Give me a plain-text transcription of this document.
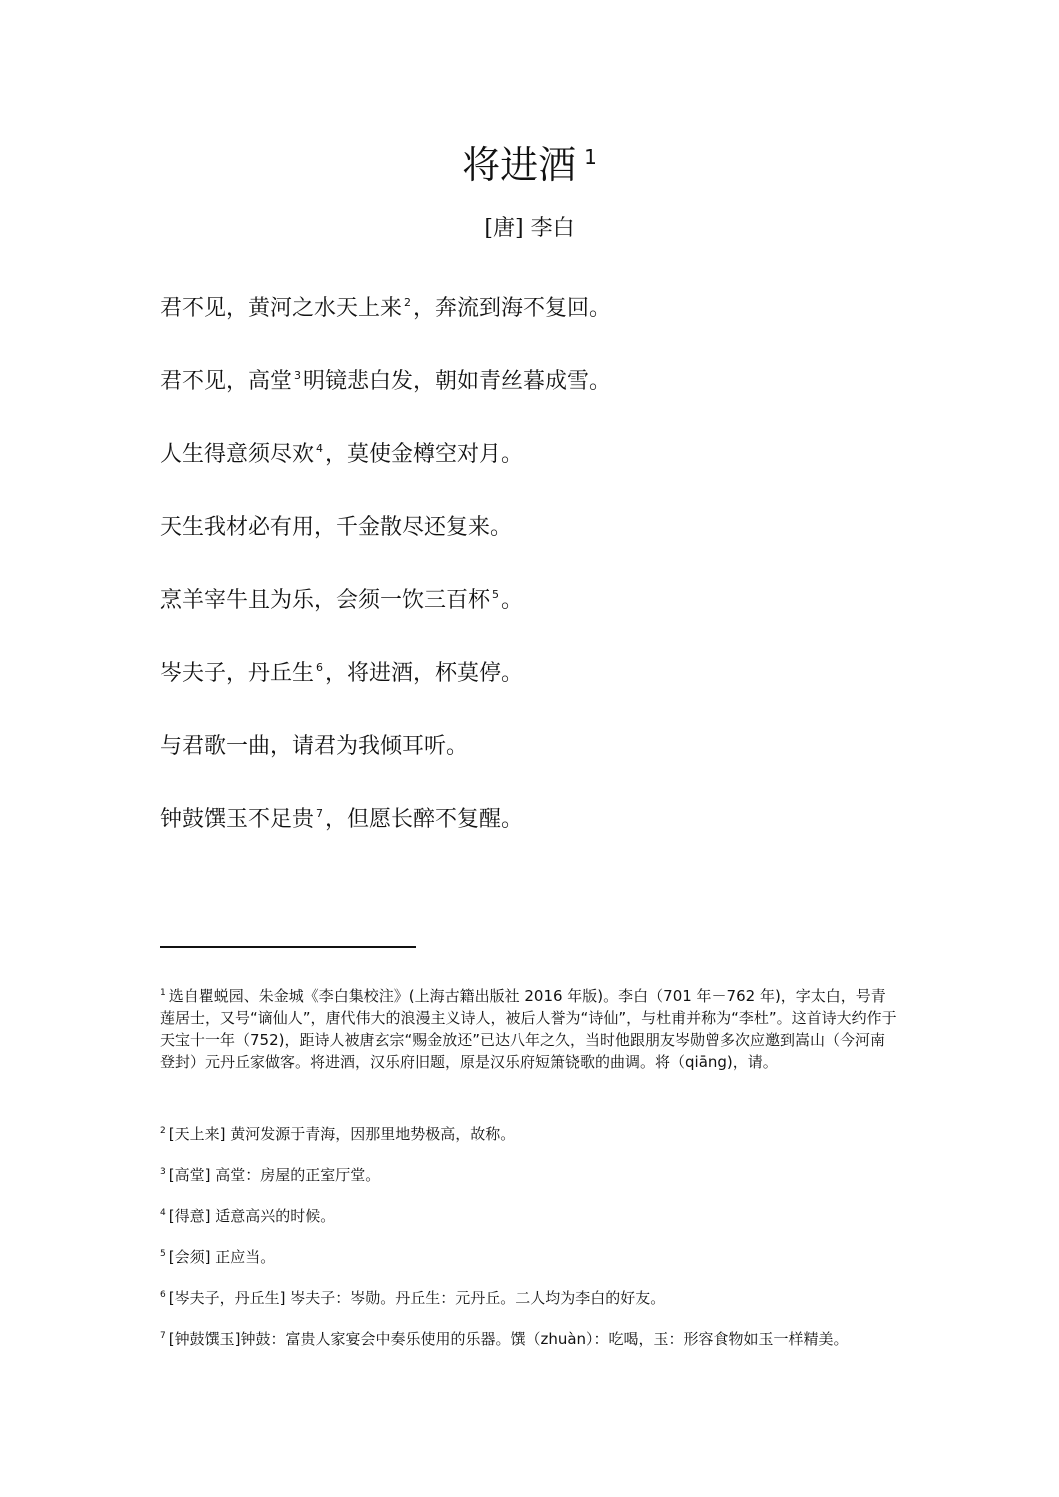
将进酒 $^1$
[唐] 李白
君不见，黄河之水天上来 $^2$，奔流到海不复回。
君不见，高堂 $^3$明镜悲白发，朝如青丝暮成雪。
人生得意须尽欢 $^4$，莫使金樽空对月。
天生我材必有用，千金散尽还复来。
烹羊宰牛且为乐，会须一饮三百杯 $^5$。
岑夫子，丹丘生 $^6$，将进酒，杯莫停。
与君歌一曲，请君为我倾耳听。
钟鼓馔玉不足贵 $^7$，但愿长醉不复醒。
$^1$ 选自瞿蜕园、朱金城《李白集校注》(上海古籍出版社 2016 年版)。李白（701 年－762 年)，字太白，号青莲居士，又号“谪仙人”，唐代伟大的浪漫主义诗人，被后人誉为“诗仙”，与杜甫并称为“李杜”。这首诗大约作于天宝十一年（752)，距诗人被唐玄宗“赐金放还”已达八年之久，当时他跟朋友岑勋曾多次应邀到嵩山（今河南登封）元丹丘家做客。将进酒，汉乐府旧题，原是汉乐府短箫铙歌的曲调。将（qiāng)，请。
$^2$ [天上来] 黄河发源于青海，因那里地势极高，故称。
$^3$ [高堂] 高堂：房屋的正室厅堂。
$^4$ [得意] 适意高兴的时候。
$^5$ [会须] 正应当。
$^6$ [岑夫子，丹丘生] 岑夫子：岑勋。丹丘生：元丹丘。二人均为李白的好友。
$^7$ [钟鼓馔玉]钟鼓：富贵人家宴会中奏乐使用的乐器。馔（zhuàn）：吃喝，玉：形容食物如玉一样精美。
